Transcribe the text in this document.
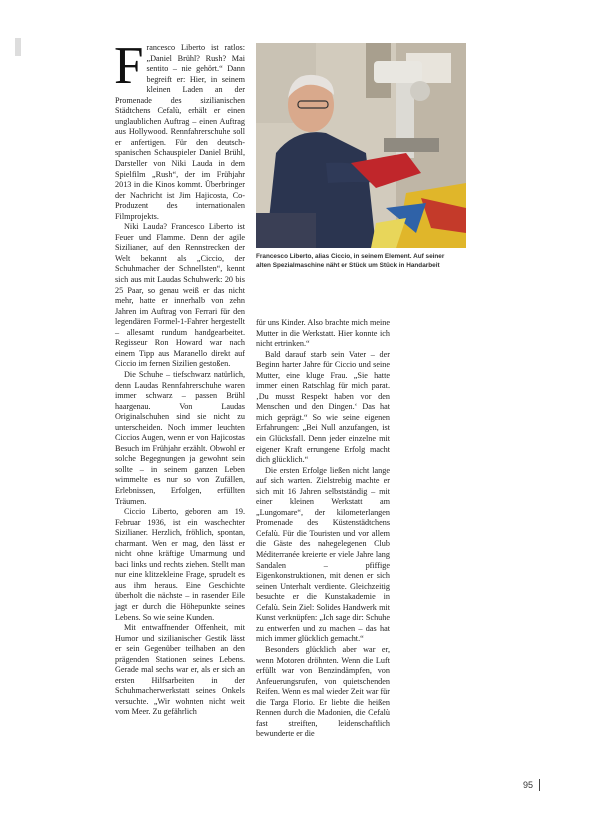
Francesco Liberto ist ratlos: „Daniel Brühl? Rush? Mai sentito – nie gehört.“ Dann begreift er: Hier, in seinem kleinen Laden an der Promenade des sizilianischen Städtchens Cefalù, erhält er einen unglaublichen Auftrag – einen Auftrag aus Hollywood. Rennfahrerschuhe soll er anfertigen. Für den deutsch-spanischen Schauspieler Daniel Brühl, Darsteller von Niki Lauda in dem Spielfilm „Rush“, der im Frühjahr 2013 in die Kinos kommt. Überbringer der Nachricht ist Jim Hajicosta, Co-Produzent des internationalen Filmprojekts.

Niki Lauda? Francesco Liberto ist Feuer und Flamme. Denn der agile Sizilianer, auf den Rennstrecken der Welt bekannt als „Ciccio, der Schuhmacher der Schnellsten“, kennt sich aus mit Laudas Schuhwerk: 20 bis 25 Paar, so genau weiß er das nicht mehr, hatte er innerhalb von zehn Jahren im Auftrag von Ferrari für den legendären Formel-1-Fahrer hergestellt – allesamt rundum handgearbeitet. Regisseur Ron Howard war nach einem Tipp aus Maranello direkt auf Ciccio im fernen Sizilien gestoßen.

Die Schuhe – tiefschwarz natürlich, denn Laudas Rennfahrerschuhe waren immer schwarz – passen Brühl haargenau. Von Laudas Originalschuhen sind sie nicht zu unterscheiden. Noch immer leuchten Ciccios Augen, wenn er von Hajicostas Besuch im Frühjahr erzählt. Obwohl er solche Begegnungen ja gewohnt sein sollte – in seinem ganzen Leben wimmelte es nur so von Zufällen, Erlebnissen, Erfolgen, erfüllten Träumen.

Ciccio Liberto, geboren am 19. Februar 1936, ist ein waschechter Sizilianer. Herzlich, fröhlich, spontan, charmant. Wen er mag, den lässt er nicht ohne kräftige Umarmung und baci links und rechts ziehen. Stellt man nur eine klitzekleine Frage, sprudelt es aus ihm heraus. Eine Geschichte überholt die nächste – in rasender Eile jagt er durch die Höhepunkte seines Lebens. So wie seine Kunden.

Mit entwaffnender Offenheit, mit Humor und sizilianischer Gestik lässt er sein Gegenüber teilhaben an den prägenden Stationen seines Lebens. Gerade mal sechs war er, als er sich an ersten Hilfsarbeiten in der Schuhmacherwerkstatt seines Onkels versuchte. „Wir wohnten nicht weit vom Meer. Zu gefährlich

Francesco Liberto, alias Ciccio, in seinem Element. Auf seiner alten Spezialmaschine näht er Stück um Stück in Handarbeit

für uns Kinder. Also brachte mich meine Mutter in die Werkstatt. Hier konnte ich nicht ertrinken.“

Bald darauf starb sein Vater – der Beginn harter Jahre für Ciccio und seine Mutter, eine kluge Frau. „Sie hatte immer einen Ratschlag für mich parat. ‚Du musst Respekt haben vor den Menschen und den Dingen.‘ Das hat mich geprägt.“ So wie seine eigenen Erfahrungen: „Bei Null anzufangen, ist ein Glücksfall. Denn jeder einzelne mit eigener Kraft errungene Erfolg macht dich glücklich.“

Die ersten Erfolge ließen nicht lange auf sich warten. Zielstrebig machte er sich mit 16 Jahren selbstständig – mit einer kleinen Werkstatt am „Lungomare“, der kilometerlangen Promenade des Küstenstädtchens Cefalù. Für die Touristen und vor allem die Gäste des nahegelegenen Club Méditerranée kreierte er viele Jahre lang Sandalen – pfiffige Eigenkonstruktionen, mit denen er sich seinen Unterhalt verdiente. Gleichzeitig besuchte er die Kunstakademie in Cefalù. Sein Ziel: Solides Handwerk mit Kunst verknüpfen: „Ich sage dir: Schuhe zu entwerfen und zu machen – das hat mich immer glücklich gemacht.“

Besonders glücklich aber war er, wenn Motoren dröhnten. Wenn die Luft erfüllt war von Benzindämpfen, von Anfeuerungsrufen, von quietschenden Reifen. Wenn es mal wieder Zeit war für die Targa Florio. Er liebte die heißen Rennen durch die Madonien, die Cefalù fast streiften, leidenschaftlich bewunderte er die

95
